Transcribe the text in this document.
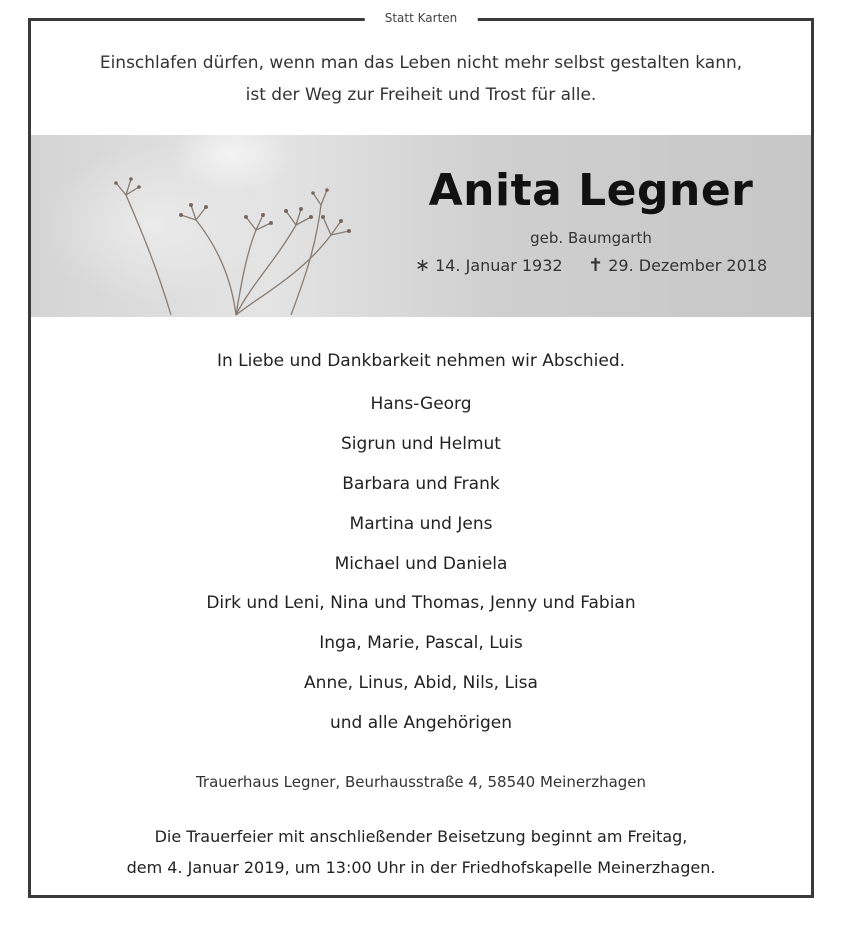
Statt Karten
Einschlafen dürfen, wenn man das Leben nicht mehr selbst gestalten kann,
ist der Weg zur Freiheit und Trost für alle.
Anita Legner
geb. Baumgarth
∗ 14. Januar 1932 ✝ 29. Dezember 2018
In Liebe und Dankbarkeit nehmen wir Abschied.
Hans-Georg
Sigrun und Helmut
Barbara und Frank
Martina und Jens
Michael und Daniela
Dirk und Leni, Nina und Thomas, Jenny und Fabian
Inga, Marie, Pascal, Luis
Anne, Linus, Abid, Nils, Lisa
und alle Angehörigen
Trauerhaus Legner, Beurhausstraße 4, 58540 Meinerzhagen
Die Trauerfeier mit anschließender Beisetzung beginnt am Freitag,
dem 4. Januar 2019, um 13:00 Uhr in der Friedhofskapelle Meinerzhagen.
